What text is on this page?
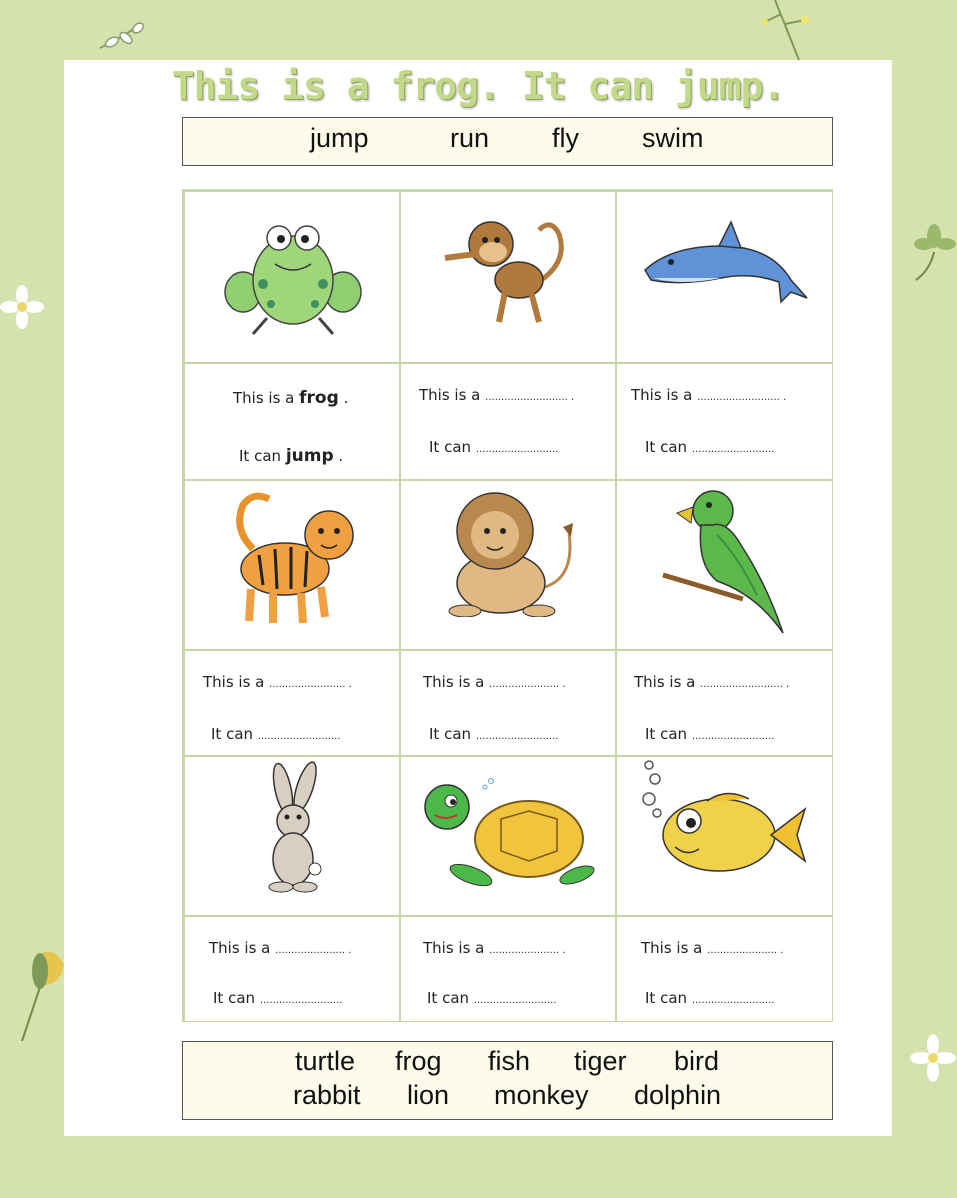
This is a frog. It can jump.
jump	run fly swim
This is a frog .
It can jump .
This is a .......................... .
It can ..........................
This is a .......................... .
It can ..........................
This is a ........................ .
It can ..........................
This is a ...................... .
It can ..........................
This is a .......................... .
It can ..........................
This is a ...................... .
It can ..........................
This is a ...................... .
It can ..........................
This is a ...................... .
It can ..........................
turtle frog fish tiger bird
rabbit lion monkey dolphin
